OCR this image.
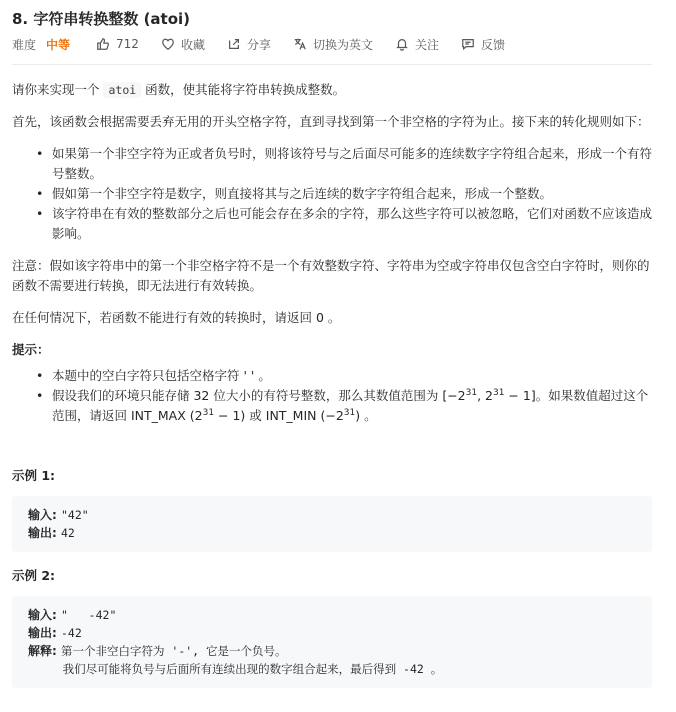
8. 字符串转换整数 (atoi)
难度 中等	712	收藏	分享	切换为英文	关注	反馈
请你来实现一个 atoi 函数，使其能将字符串转换成整数。
首先，该函数会根据需要丢弃无用的开头空格字符，直到寻找到第一个非空格的字符为止。接下来的转化规则如下：
• 如果第一个非空字符为正或者负号时，则将该符号与之后面尽可能多的连续数字字符组合起来，形成一个有符号整数。
• 假如第一个非空字符是数字，则直接将其与之后连续的数字字符组合起来，形成一个整数。
• 该字符串在有效的整数部分之后也可能会存在多余的字符，那么这些字符可以被忽略，它们对函数不应该造成影响。
注意：假如该字符串中的第一个非空格字符不是一个有效整数字符、字符串为空或字符串仅包含空白字符时，则你的函数不需要进行转换，即无法进行有效转换。
在任何情况下，若函数不能进行有效的转换时，请返回 0 。
提示：
• 本题中的空白字符只包括空格字符 ' ' 。
• 假设我们的环境只能存储 32 位大小的有符号整数，那么其数值范围为 [$-2^{31}$, $2^{31} - 1$]。如果数值超过这个范围，请返回 INT_MAX $(2^{31} - 1)$ 或 INT_MIN $(-2^{31})$ 。
示例 1:
输入: "42"
输出: 42
示例 2:
输入: "   -42"
输出: -42
解释: 第一个非空白字符为 '-', 它是一个负号。
我们尽可能将负号与后面所有连续出现的数字组合起来，最后得到 -42 。
